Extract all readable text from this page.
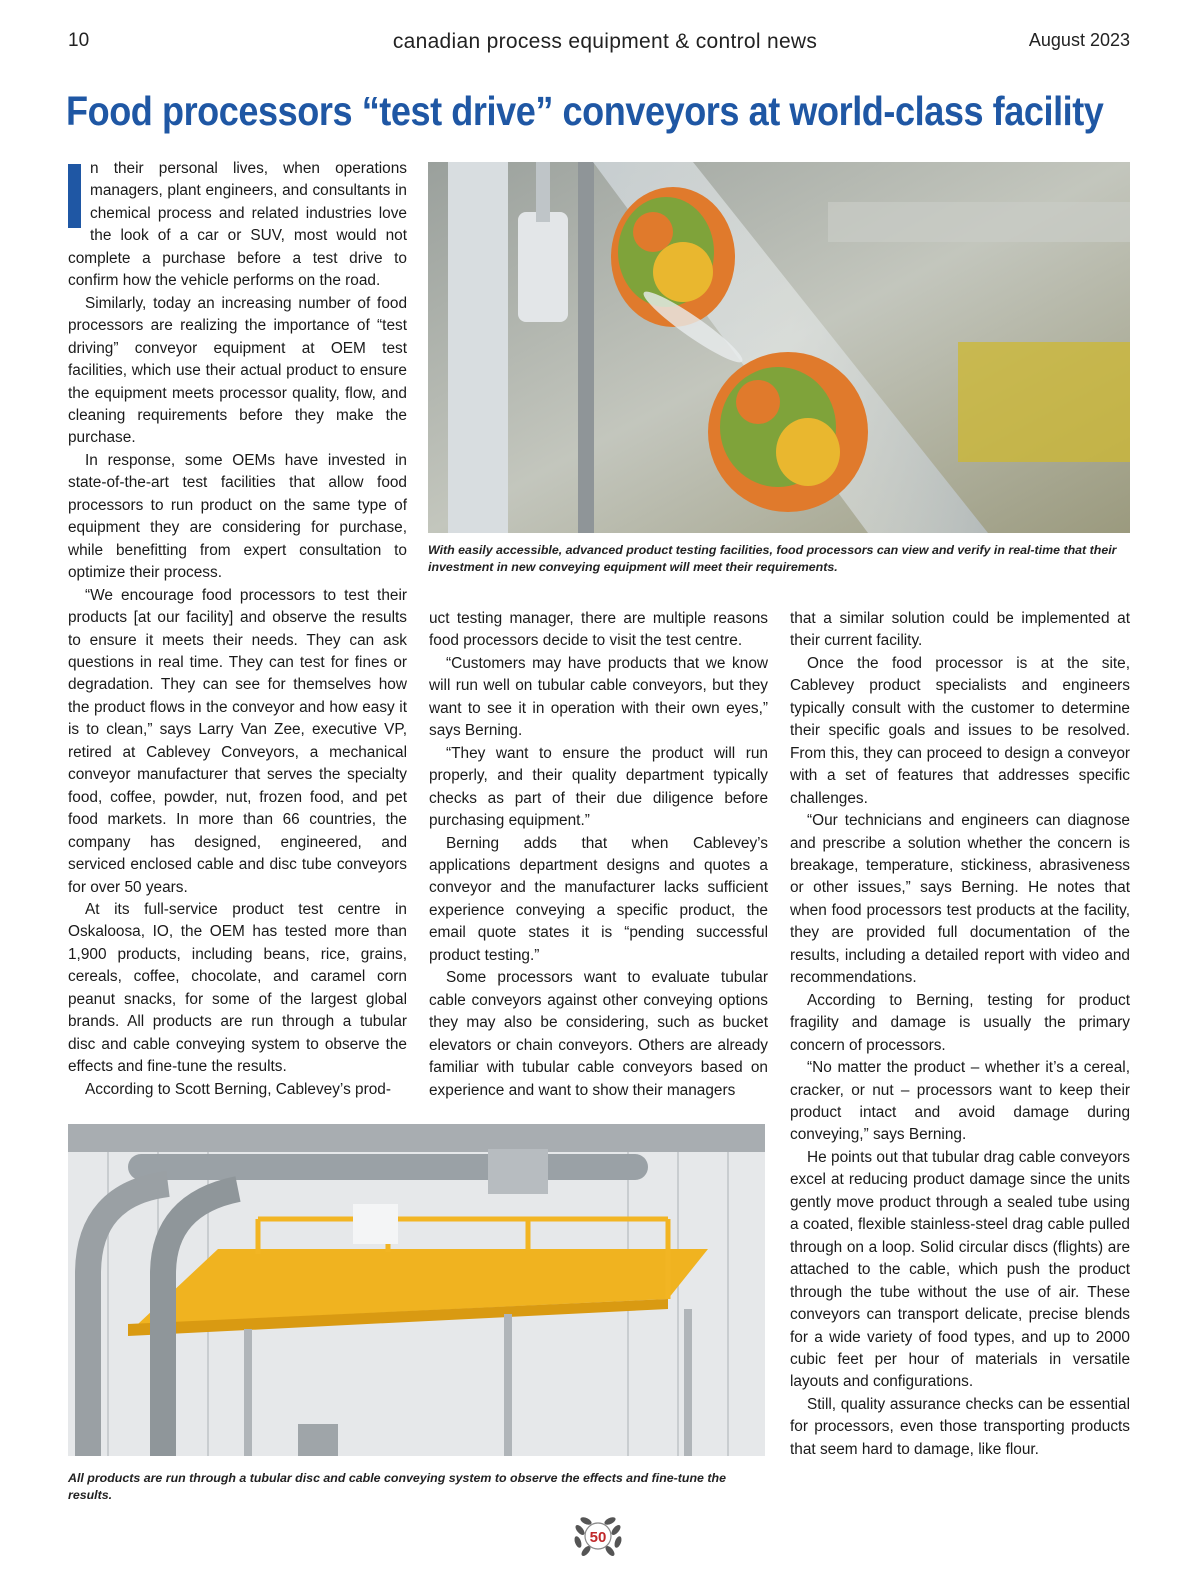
10	canadian process equipment & control news	August 2023
Food processors “test drive” conveyors at world-class facility

n their personal lives, when operations managers, plant engineers, and consultants in chemical process and related industries love the look of a car or SUV, most would not complete a purchase before a test drive to confirm how the vehicle performs on the road.

Similarly, today an increasing number of food processors are realizing the importance of “test driving” conveyor equipment at OEM test facilities, which use their actual product to ensure the equipment meets processor quality, flow, and cleaning requirements before they make the purchase.

In response, some OEMs have invested in state-of-the-art test facilities that allow food processors to run product on the same type of equipment they are considering for purchase, while benefitting from expert consultation to optimize their process.

“We encourage food processors to test their products [at our facility] and observe the results to ensure it meets their needs. They can ask questions in real time. They can test for fines or degradation. They can see for themselves how the product flows in the conveyor and how easy it is to clean,” says Larry Van Zee, executive VP, retired at Cablevey Conveyors, a mechanical conveyor manufacturer that serves the specialty food, coffee, powder, nut, frozen food, and pet food markets. In more than 66 countries, the company has designed, engineered, and serviced enclosed cable and disc tube conveyors for over 50 years.

At its full-service product test centre in Oskaloosa, IO, the OEM has tested more than 1,900 products, including beans, rice, grains, cereals, coffee, chocolate, and caramel corn peanut snacks, for some of the largest global brands. All products are run through a tubular disc and cable conveying system to observe the effects and fine-tune the results.

According to Scott Berning, Cablevey’s prod-

With easily accessible, advanced product testing facilities, food processors can view and verify in real-time that their investment in new conveying equipment will meet their requirements.

uct testing manager, there are multiple reasons food processors decide to visit the test centre.

“Customers may have products that we know will run well on tubular cable conveyors, but they want to see it in operation with their own eyes,” says Berning.

“They want to ensure the product will run properly, and their quality department typically checks as part of their due diligence before purchasing equipment.”

Berning adds that when Cablevey’s applications department designs and quotes a conveyor and the manufacturer lacks sufficient experience conveying a specific product, the email quote states it is “pending successful product testing.”

Some processors want to evaluate tubular cable conveyors against other conveying options they may also be considering, such as bucket elevators or chain conveyors. Others are already familiar with tubular cable conveyors based on experience and want to show their managers

that a similar solution could be implemented at their current facility.

Once the food processor is at the site, Cablevey product specialists and engineers typically consult with the customer to determine their specific goals and issues to be resolved. From this, they can proceed to design a conveyor with a set of features that addresses specific challenges.

“Our technicians and engineers can diagnose and prescribe a solution whether the concern is breakage, temperature, stickiness, abrasiveness or other issues,” says Berning. He notes that when food processors test products at the facility, they are provided full documentation of the results, including a detailed report with video and recommendations.

According to Berning, testing for product fragility and damage is usually the primary concern of processors.

“No matter the product – whether it’s a cereal, cracker, or nut – processors want to keep their product intact and avoid damage during conveying,” says Berning.

He points out that tubular drag cable conveyors excel at reducing product damage since the units gently move product through a sealed tube using a coated, flexible stainless-steel drag cable pulled through on a loop. Solid circular discs (flights) are attached to the cable, which push the product through the tube without the use of air. These conveyors can transport delicate, precise blends for a wide variety of food types, and up to 2000 cubic feet per hour of materials in versatile layouts and configurations.

Still, quality assurance checks can be essential for processors, even those transporting products that seem hard to damage, like flour.

All products are run through a tubular disc and cable conveying system to observe the effects and fine-tune the results.
50
